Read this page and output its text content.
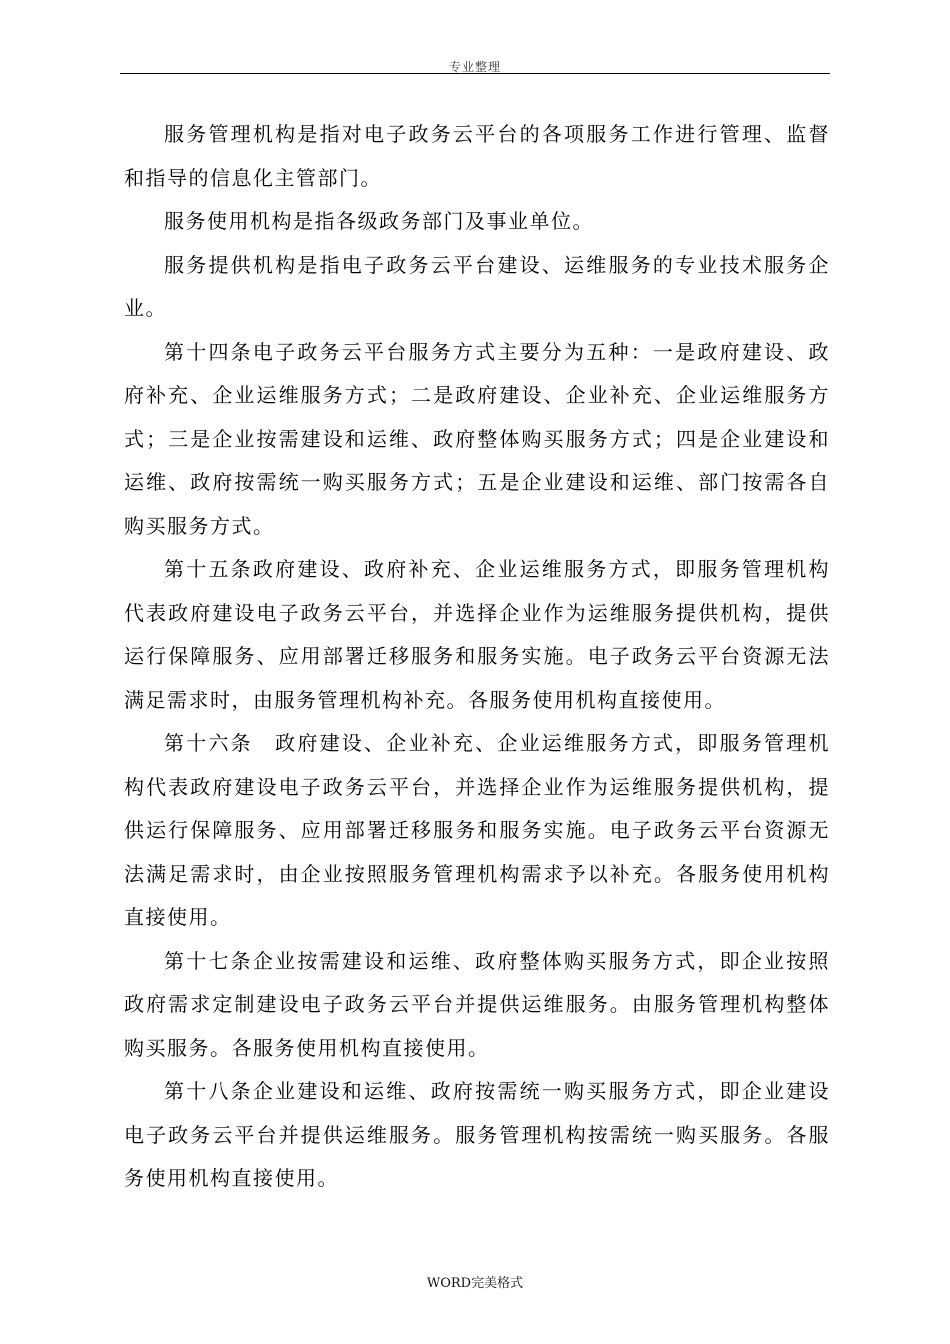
专业整理

服务管理机构是指对电子政务云平台的各项服务工作进行管理、监督和指导的信息化主管部门。

服务使用机构是指各级政务部门及事业单位。

服务提供机构是指电子政务云平台建设、运维服务的专业技术服务企业。

第十四条电子政务云平台服务方式主要分为五种：一是政府建设、政府补充、企业运维服务方式；二是政府建设、企业补充、企业运维服务方式；三是企业按需建设和运维、政府整体购买服务方式；四是企业建设和运维、政府按需统一购买服务方式；五是企业建设和运维、部门按需各自购买服务方式。

第十五条政府建设、政府补充、企业运维服务方式，即服务管理机构代表政府建设电子政务云平台，并选择企业作为运维服务提供机构，提供运行保障服务、应用部署迁移服务和服务实施。电子政务云平台资源无法满足需求时，由服务管理机构补充。各服务使用机构直接使用。

第十六条　政府建设、企业补充、企业运维服务方式，即服务管理机构代表政府建设电子政务云平台，并选择企业作为运维服务提供机构，提供运行保障服务、应用部署迁移服务和服务实施。电子政务云平台资源无法满足需求时，由企业按照服务管理机构需求予以补充。各服务使用机构直接使用。

第十七条企业按需建设和运维、政府整体购买服务方式，即企业按照政府需求定制建设电子政务云平台并提供运维服务。由服务管理机构整体购买服务。各服务使用机构直接使用。

第十八条企业建设和运维、政府按需统一购买服务方式，即企业建设电子政务云平台并提供运维服务。服务管理机构按需统一购买服务。各服务使用机构直接使用。

WORD完美格式
